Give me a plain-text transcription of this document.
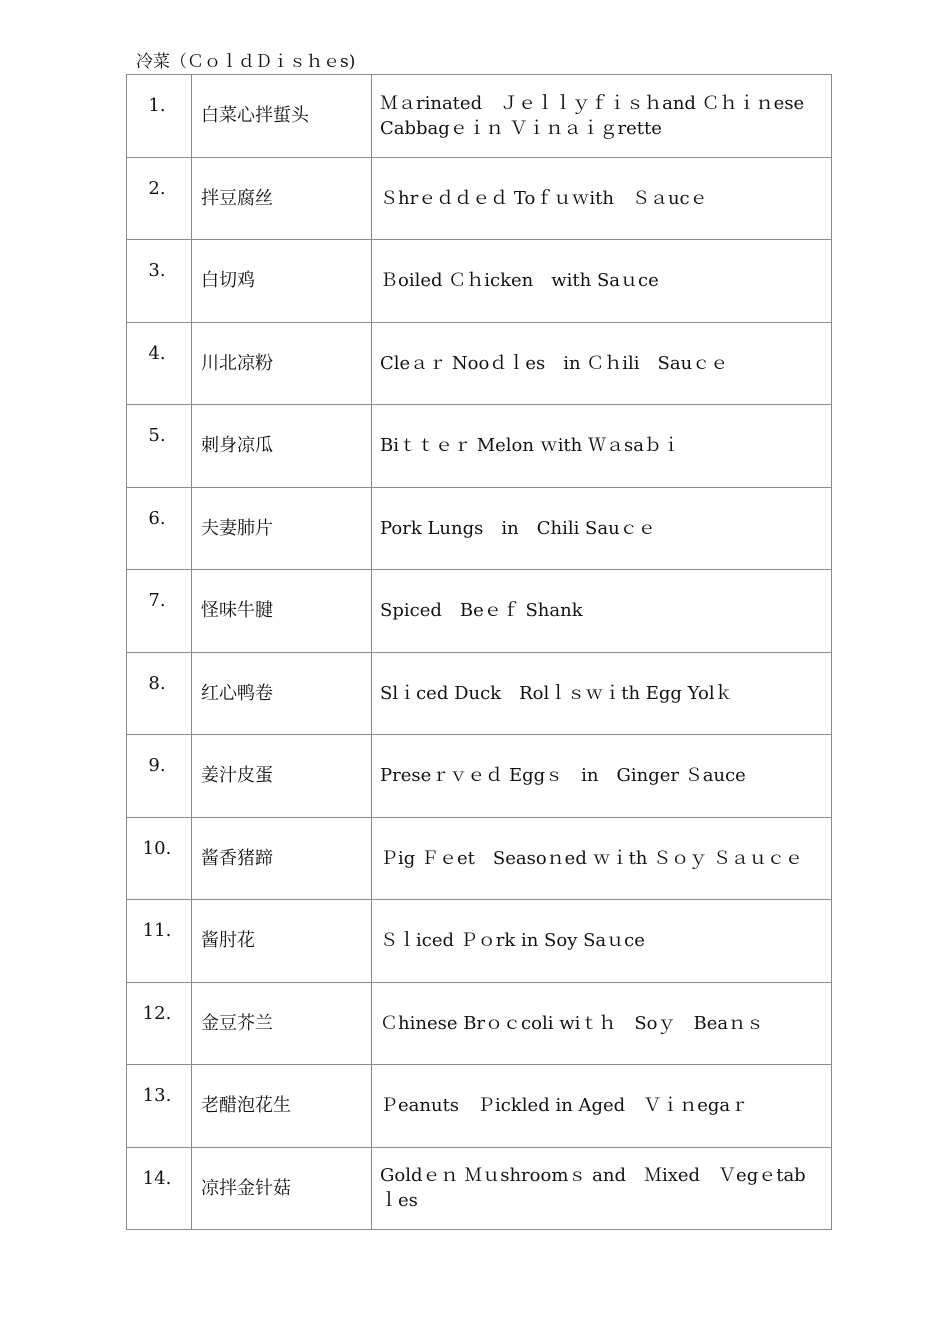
冷菜（ＣｏｌｄＤｉｓｈｅs)
1.	白菜心拌蜇头	Ｍａrinated　Ｊｅｌｌｙｆｉｓｈand Ｃｈｉｎese Cabbagｅｉｎ Ｖｉｎａｉｇrette

2.	拌豆腐丝	Ｓhrｅｄｄｅｄ Toｆｕｗith　Ｓａucｅ

3.	白切鸡	Ｂoiled Ｃｈicken　with Saｕce

4.	川北凉粉	Cleａｒ Nooｄｌes　in Ｃｈili　Sauｃｅ

5.	刺身凉瓜	Biｔｔｅｒ Melon ｗith Ｗａsaｂｉ

6.	夫妻肺片	Pork Lungs　in　Chili Sauｃｅ

7.	怪味牛腱	Spiced　Beｅｆ Shank

8.	红心鸭卷	Slｉced Duck　Rolｌｓｗｉth Egg Yolｋ

9.	姜汁皮蛋	Preseｒｖｅｄ Eggｓ　in　Ginger Ｓauce

10.	酱香猪蹄	Ｐig Ｆｅet　Seasoｎed ｗｉth Ｓｏｙ Ｓａｕｃｅ

11.	酱肘花	Ｓｌiced Ｐｏrk in Soy Saｕce

12.	金豆芥兰	Ｃhinese Brｏｃcoli wiｔｈ　Soｙ　Beaｎｓ

13.	老醋泡花生	Ｐeanuts　Ｐickled in Aged　Ｖｉｎegaｒ

14.	凉拌金针菇	Goldｅｎ Ｍｕshroomｓ and　Ｍixed　Ｖegｅtabｌes
